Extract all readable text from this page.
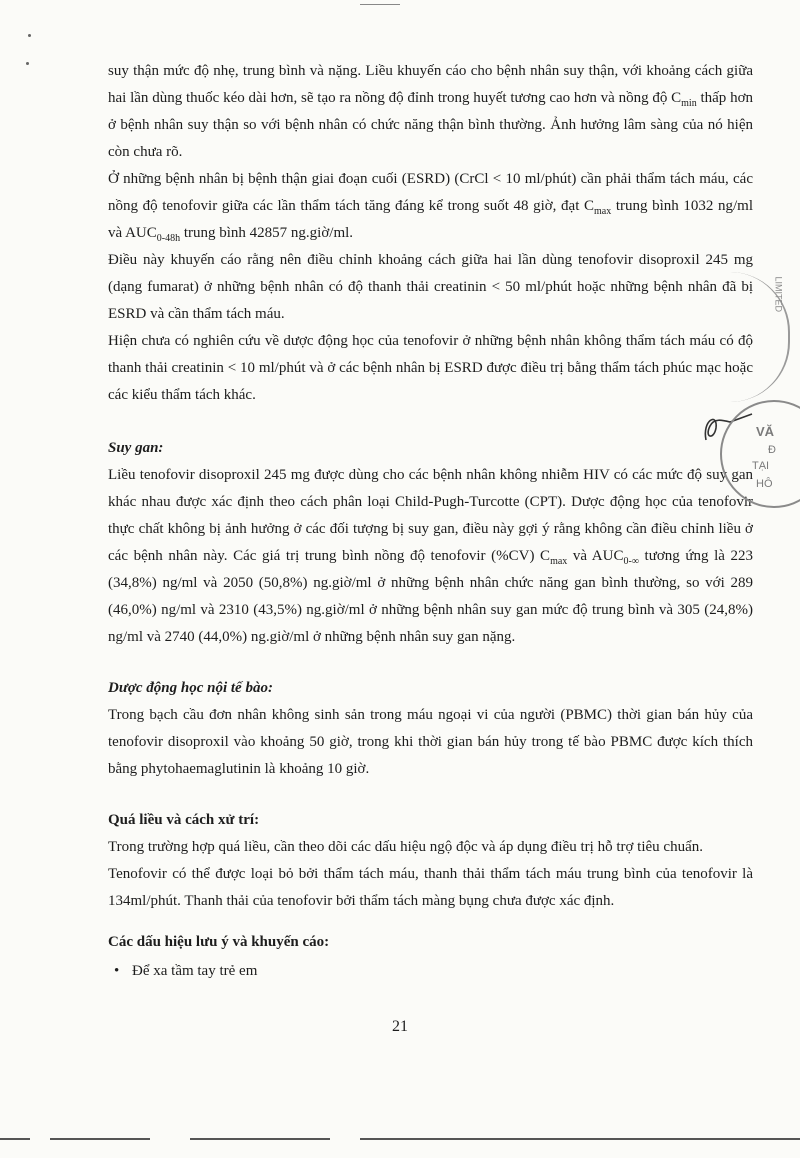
suy thận mức độ nhẹ, trung bình và nặng. Liều khuyến cáo cho bệnh nhân suy thận, với khoảng cách giữa hai lần dùng thuốc kéo dài hơn, sẽ tạo ra nồng độ đỉnh trong huyết tương cao hơn và nồng độ $C_{min}$ thấp hơn ở bệnh nhân suy thận so với bệnh nhân có chức năng thận bình thường. Ảnh hưởng lâm sàng của nó hiện còn chưa rõ.

Ở những bệnh nhân bị bệnh thận giai đoạn cuối (ESRD) (CrCl < 10 ml/phút) cần phải thẩm tách máu, các nồng độ tenofovir giữa các lần thẩm tách tăng đáng kể trong suốt 48 giờ, đạt $C_{max}$ trung bình 1032 ng/ml và $AUC_{0-48h}$ trung bình 42857 ng.giờ/ml.

Điều này khuyến cáo rằng nên điều chỉnh khoảng cách giữa hai lần dùng tenofovir disoproxil 245 mg (dạng fumarat) ở những bệnh nhân có độ thanh thải creatinin < 50 ml/phút hoặc những bệnh nhân đã bị ESRD và cần thẩm tách máu.

Hiện chưa có nghiên cứu về dược động học của tenofovir ở những bệnh nhân không thẩm tách máu có độ thanh thải creatinin < 10 ml/phút và ở các bệnh nhân bị ESRD được điều trị bằng thẩm tách phúc mạc hoặc các kiểu thẩm tách khác.

Suy gan:

Liều tenofovir disoproxil 245 mg được dùng cho các bệnh nhân không nhiễm HIV có các mức độ suy gan khác nhau được xác định theo cách phân loại Child-Pugh-Turcotte (CPT). Dược động học của tenofovir thực chất không bị ảnh hưởng ở các đối tượng bị suy gan, điều này gợi ý rằng không cần điều chỉnh liều ở các bệnh nhân này. Các giá trị trung bình nồng độ tenofovir (%CV) $C_{max}$ và $AUC_{0-\infty}$ tương ứng là 223 (34,8%) ng/ml và 2050 (50,8%) ng.giờ/ml ở những bệnh nhân chức năng gan bình thường, so với 289 (46,0%) ng/ml và 2310 (43,5%) ng.giờ/ml ở những bệnh nhân suy gan mức độ trung bình và 305 (24,8%) ng/ml và 2740 (44,0%) ng.giờ/ml ở những bệnh nhân suy gan nặng.

Dược động học nội tế bào:

Trong bạch cầu đơn nhân không sinh sản trong máu ngoại vi của người (PBMC) thời gian bán hủy của tenofovir disoproxil vào khoảng 50 giờ, trong khi thời gian bán hủy trong tế bào PBMC được kích thích bằng phytohaemaglutinin là khoảng 10 giờ.

Quá liều và cách xử trí:

Trong trường hợp quá liều, cần theo dõi các dấu hiệu ngộ độc và áp dụng điều trị hỗ trợ tiêu chuẩn.

Tenofovir có thể được loại bỏ bởi thẩm tách máu, thanh thải thẩm tách máu trung bình của tenofovir là 134ml/phút. Thanh thải của tenofovir bởi thẩm tách màng bụng chưa được xác định.

Các dấu hiệu lưu ý và khuyến cáo:

• Để xa tầm tay trẻ em
LIMITED
VĂ
Đ
TẠI
HÔ
21
